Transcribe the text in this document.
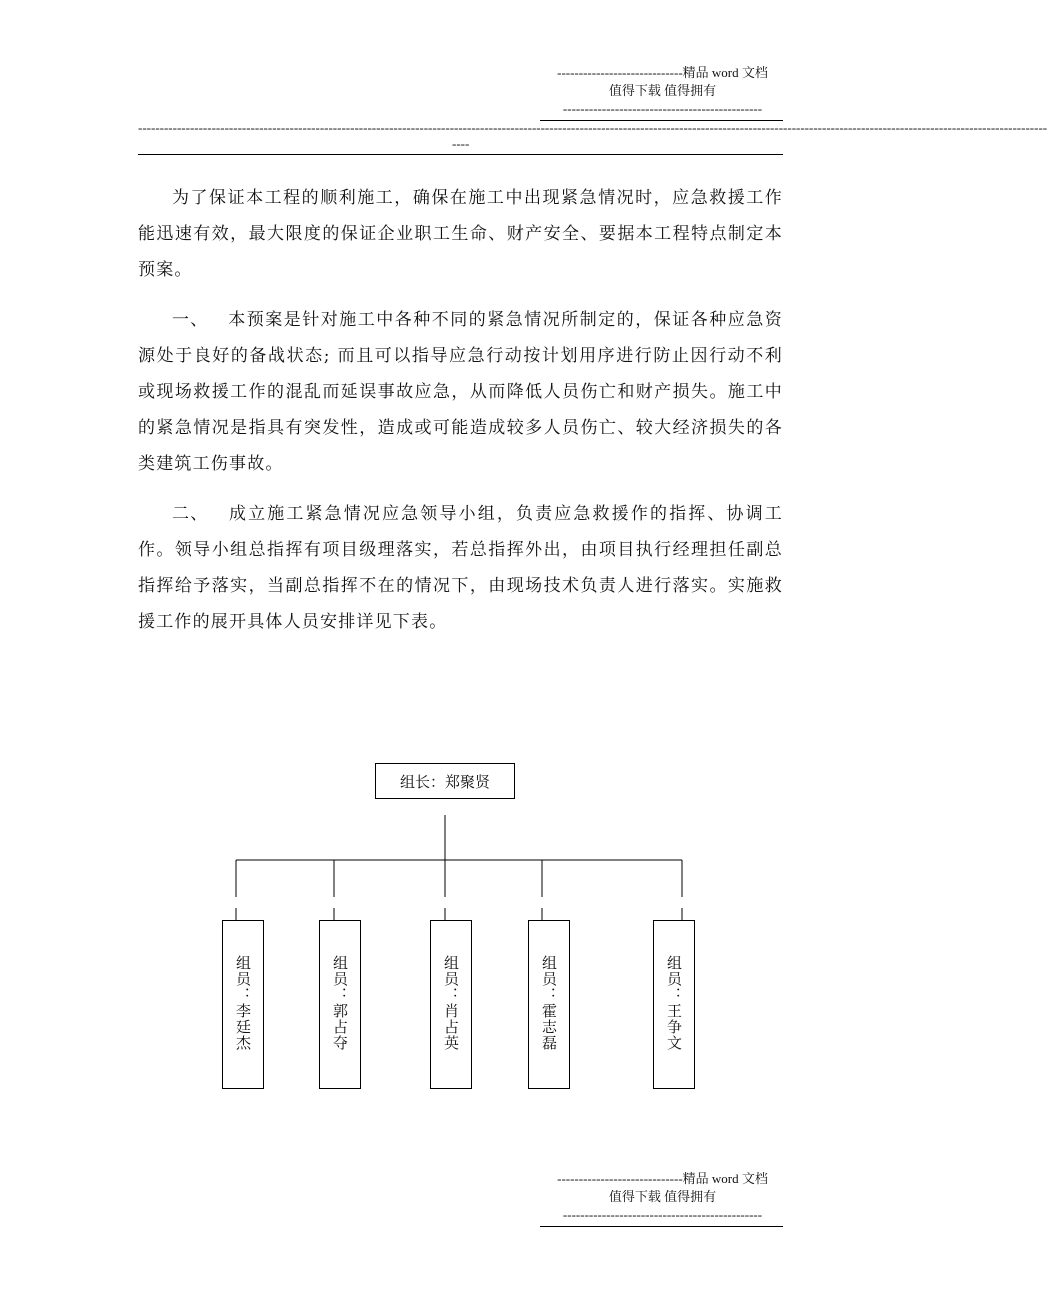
-----------------------------精品 word 文档
值得下载 值得拥有
----------------------------------------------
------------------------------------------------------------------------------------------------------------------------------------------------------------------------------------------------------------------
----

为了保证本工程的顺利施工，确保在施工中出现紧急情况时，应急救援工作能迅速有效，最大限度的保证企业职工生命、财产安全、要据本工程特点制定本预案。

一、 本预案是针对施工中各种不同的紧急情况所制定的，保证各种应急资源处于良好的备战状态; 而且可以指导应急行动按计划用序进行防止因行动不利或现场救援工作的混乱而延误事故应急，从而降低人员伤亡和财产损失。施工中的紧急情况是指具有突发性，造成或可能造成较多人员伤亡、较大经济损失的各类建筑工伤事故。

二、 成立施工紧急情况应急领导小组，负责应急救援作的指挥、协调工作。领导小组总指挥有项目级理落实，若总指挥外出，由项目执行经理担任副总指挥给予落实，当副总指挥不在的情况下，由现场技术负责人进行落实。实施救援工作的展开具体人员安排详见下表。

组长：郑聚贤
组员：李廷杰	组员：郭占夺	组员：肖占英	组员：霍志磊	组员：王争文
-----------------------------精品 word 文档
值得下载 值得拥有
----------------------------------------------
